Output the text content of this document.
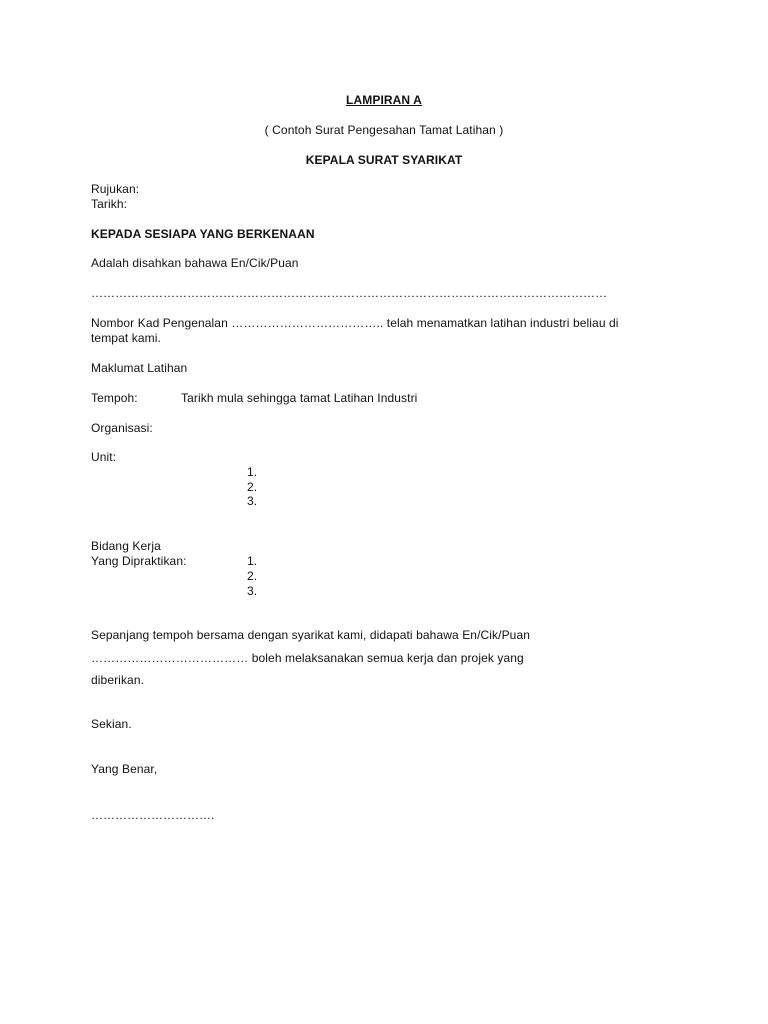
LAMPIRAN A
( Contoh Surat Pengesahan Tamat Latihan )
KEPALA SURAT SYARIKAT
Rujukan:
Tarikh:
KEPADA SESIAPA YANG BERKENAAN
Adalah disahkan bahawa En/Cik/Puan
…………………………………………………………………………………………………………………
Nombor Kad Pengenalan ……………………………….. telah menamatkan latihan industri beliau di
tempat kami.
Maklumat Latihan
Tempoh:	Tarikh mula sehingga tamat Latihan Industri
Organisasi:
Unit:
1.
2.
3.
Bidang Kerja
Yang Dipraktikan:	1.
2.
3.
Sepanjang tempoh bersama dengan syarikat kami, didapati bahawa En/Cik/Puan
………………………………… boleh melaksanakan semua kerja dan projek yang
diberikan.
Sekian.
Yang Benar,
………………………….
